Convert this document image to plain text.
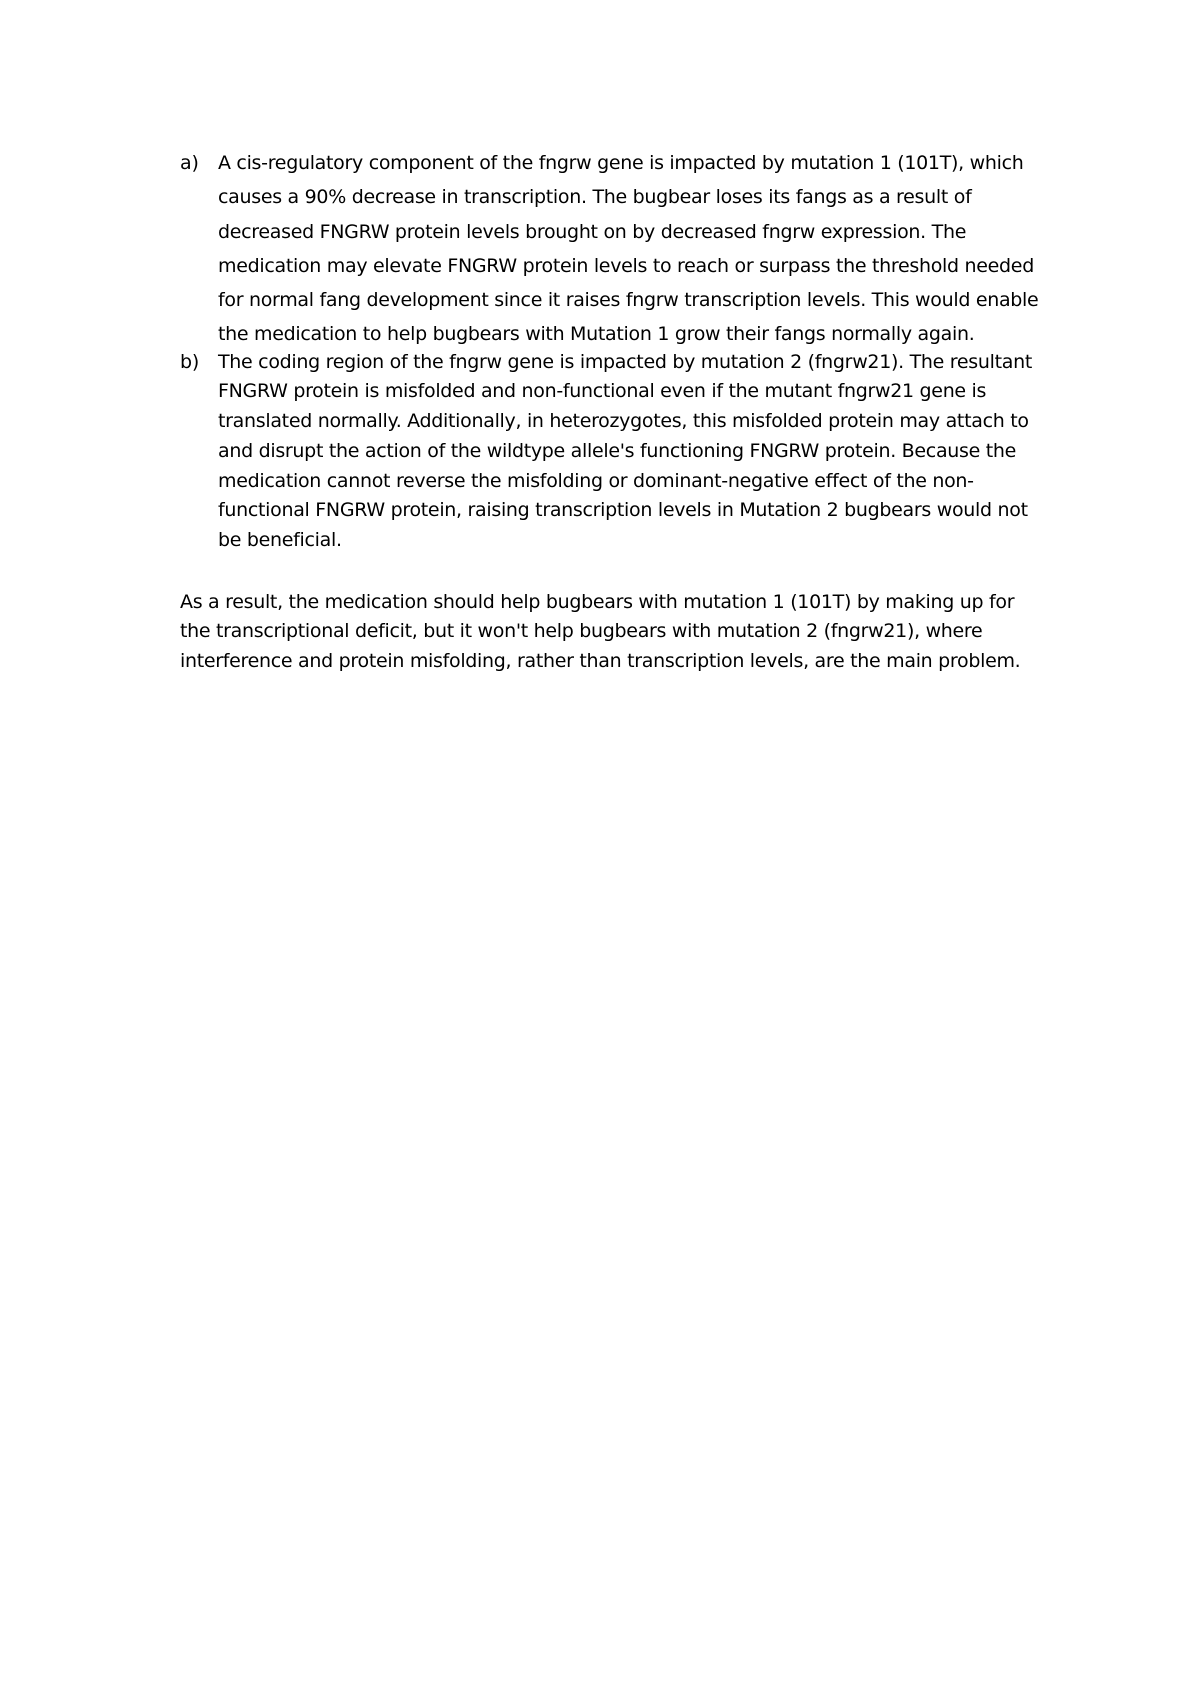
a)	A cis-regulatory component of the fngrw gene is impacted by mutation 1 (101T), which causes a 90% decrease in transcription. The bugbear loses its fangs as a result of decreased FNGRW protein levels brought on by decreased fngrw expression. The medication may elevate FNGRW protein levels to reach or surpass the threshold needed for normal fang development since it raises fngrw transcription levels. This would enable the medication to help bugbears with Mutation 1 grow their fangs normally again.
b) The coding region of the fngrw gene is impacted by mutation 2 (fngrw21). The resultant FNGRW protein is misfolded and non-functional even if the mutant fngrw21 gene is translated normally. Additionally, in heterozygotes, this misfolded protein may attach to and disrupt the action of the wildtype allele's functioning FNGRW protein. Because the medication cannot reverse the misfolding or dominant-negative effect of the non-functional FNGRW protein, raising transcription levels in Mutation 2 bugbears would not be beneficial.

As a result, the medication should help bugbears with mutation 1 (101T) by making up for the transcriptional deficit, but it won't help bugbears with mutation 2 (fngrw21), where interference and protein misfolding, rather than transcription levels, are the main problem.
